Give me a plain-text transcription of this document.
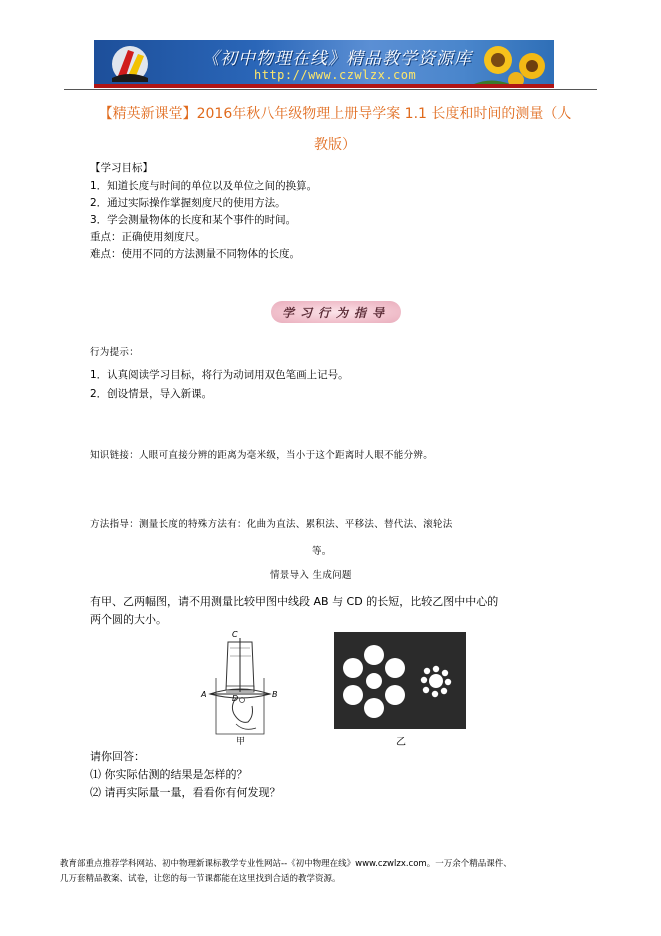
《初中物理在线》精品教学资源库
http://www.czwlzx.com
【精英新课堂】2016年秋八年级物理上册导学案 1.1 长度和时间的测量（人
教版）
【学习目标】
1．知道长度与时间的单位以及单位之间的换算。
2．通过实际操作掌握刻度尺的使用方法。
3．学会测量物体的长度和某个事件的时间。
重点：正确使用刻度尺。
难点：使用不同的方法测量不同物体的长度。
学习行为指导
行为提示：
1．认真阅读学习目标，将行为动词用双色笔画上记号。
2．创设情景，导入新课。
知识链接：人眼可直接分辨的距离为毫米级，当小于这个距离时人眼不能分辨。
方法指导：测量长度的特殊方法有：化曲为直法、累积法、平移法、替代法、滚轮法
等。
情景导入 生成问题
有甲、乙两幅图，请不用测量比较甲图中线段 AB 与 CD 的长短，比较乙图中中心的
两个圆的大小。
C
A	B
D
甲	乙
请你回答：
⑴ 你实际估测的结果是怎样的？
⑵ 请再实际量一量，看看你有何发现？
教育部重点推荐学科网站、初中物理新课标教学专业性网站--《初中物理在线》www.czwlzx.com。一万余个精品课件、
几万套精品教案、试卷，让您的每一节课都能在这里找到合适的教学资源。
